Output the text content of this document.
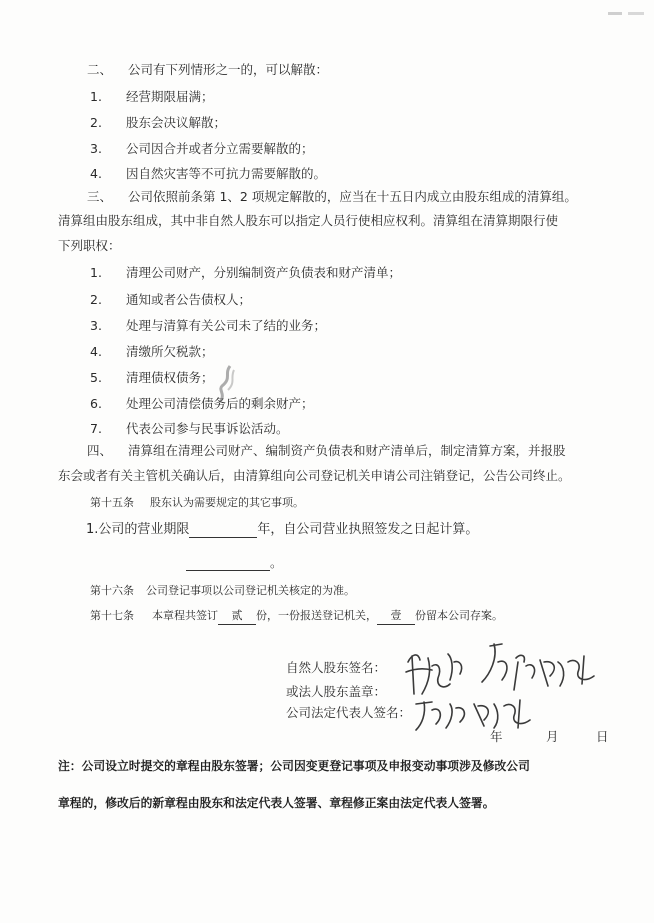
二、 公司有下列情形之一的，可以解散：
1. 经营期限届满；
2. 股东会决议解散；
3. 公司因合并或者分立需要解散的；
4. 因自然灾害等不可抗力需要解散的。
三、 公司依照前条第 1、2 项规定解散的，应当在十五日内成立由股东组成的清算组。
清算组由股东组成，其中非自然人股东可以指定人员行使相应权利。清算组在清算期限行使
下列职权：
1. 清理公司财产，分别编制资产负债表和财产清单；
2. 通知或者公告债权人；
3. 处理与清算有关公司未了结的业务；
4. 清缴所欠税款；
5. 清理债权债务；
6. 处理公司清偿债务后的剩余财产；
7. 代表公司参与民事诉讼活动。
四、 清算组在清理公司财产、编制资产负债表和财产清单后，制定清算方案，并报股
东会或者有关主管机关确认后，由清算组向公司登记机关申请公司注销登记，公告公司终止。
第十五条 股东认为需要规定的其它事项。
1.公司的营业期限	年，自公司营业执照签发之日起计算。
。
第十六条 公司登记事项以公司登记机关核定的为准。
第十七条 本章程共签订 贰 份，一份报送登记机关， 壹 份留本公司存案。
自然人股东签名：
或法人股东盖章：
公司法定代表人签名：
年	月	日
注：公司设立时提交的章程由股东签署；公司因变更登记事项及申报变动事项涉及修改公司
章程的，修改后的新章程由股东和法定代表人签署、章程修正案由法定代表人签署。
